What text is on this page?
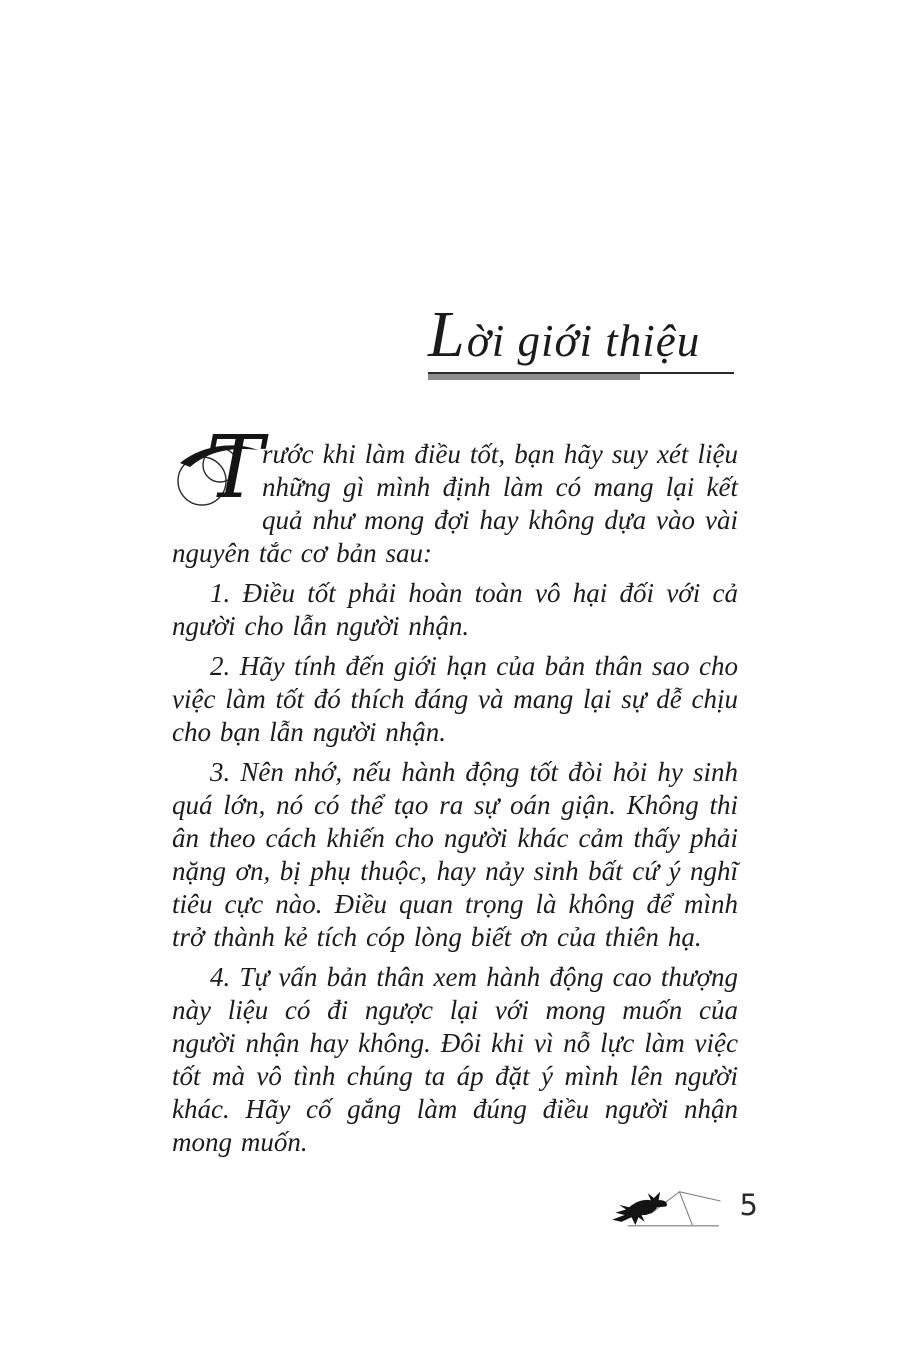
Lời giới thiệu

T
rước khi làm điều tốt, bạn hãy suy xét liệu những gì mình định làm có mang lại kết quả như mong đợi hay không dựa vào vài nguyên tắc cơ bản sau:

1. Điều tốt phải hoàn toàn vô hại đối với cả người cho lẫn người nhận.

2. Hãy tính đến giới hạn của bản thân sao cho việc làm tốt đó thích đáng và mang lại sự dễ chịu cho bạn lẫn người nhận.

3. Nên nhớ, nếu hành động tốt đòi hỏi hy sinh quá lớn, nó có thể tạo ra sự oán giận. Không thi ân theo cách khiến cho người khác cảm thấy phải nặng ơn, bị phụ thuộc, hay nảy sinh bất cứ ý nghĩ tiêu cực nào. Điều quan trọng là không để mình trở thành kẻ tích cóp lòng biết ơn của thiên hạ.

4. Tự vấn bản thân xem hành động cao thượng này liệu có đi ngược lại với mong muốn của người nhận hay không. Đôi khi vì nỗ lực làm việc tốt mà vô tình chúng ta áp đặt ý mình lên người khác. Hãy cố gắng làm đúng điều người nhận mong muốn.

5
